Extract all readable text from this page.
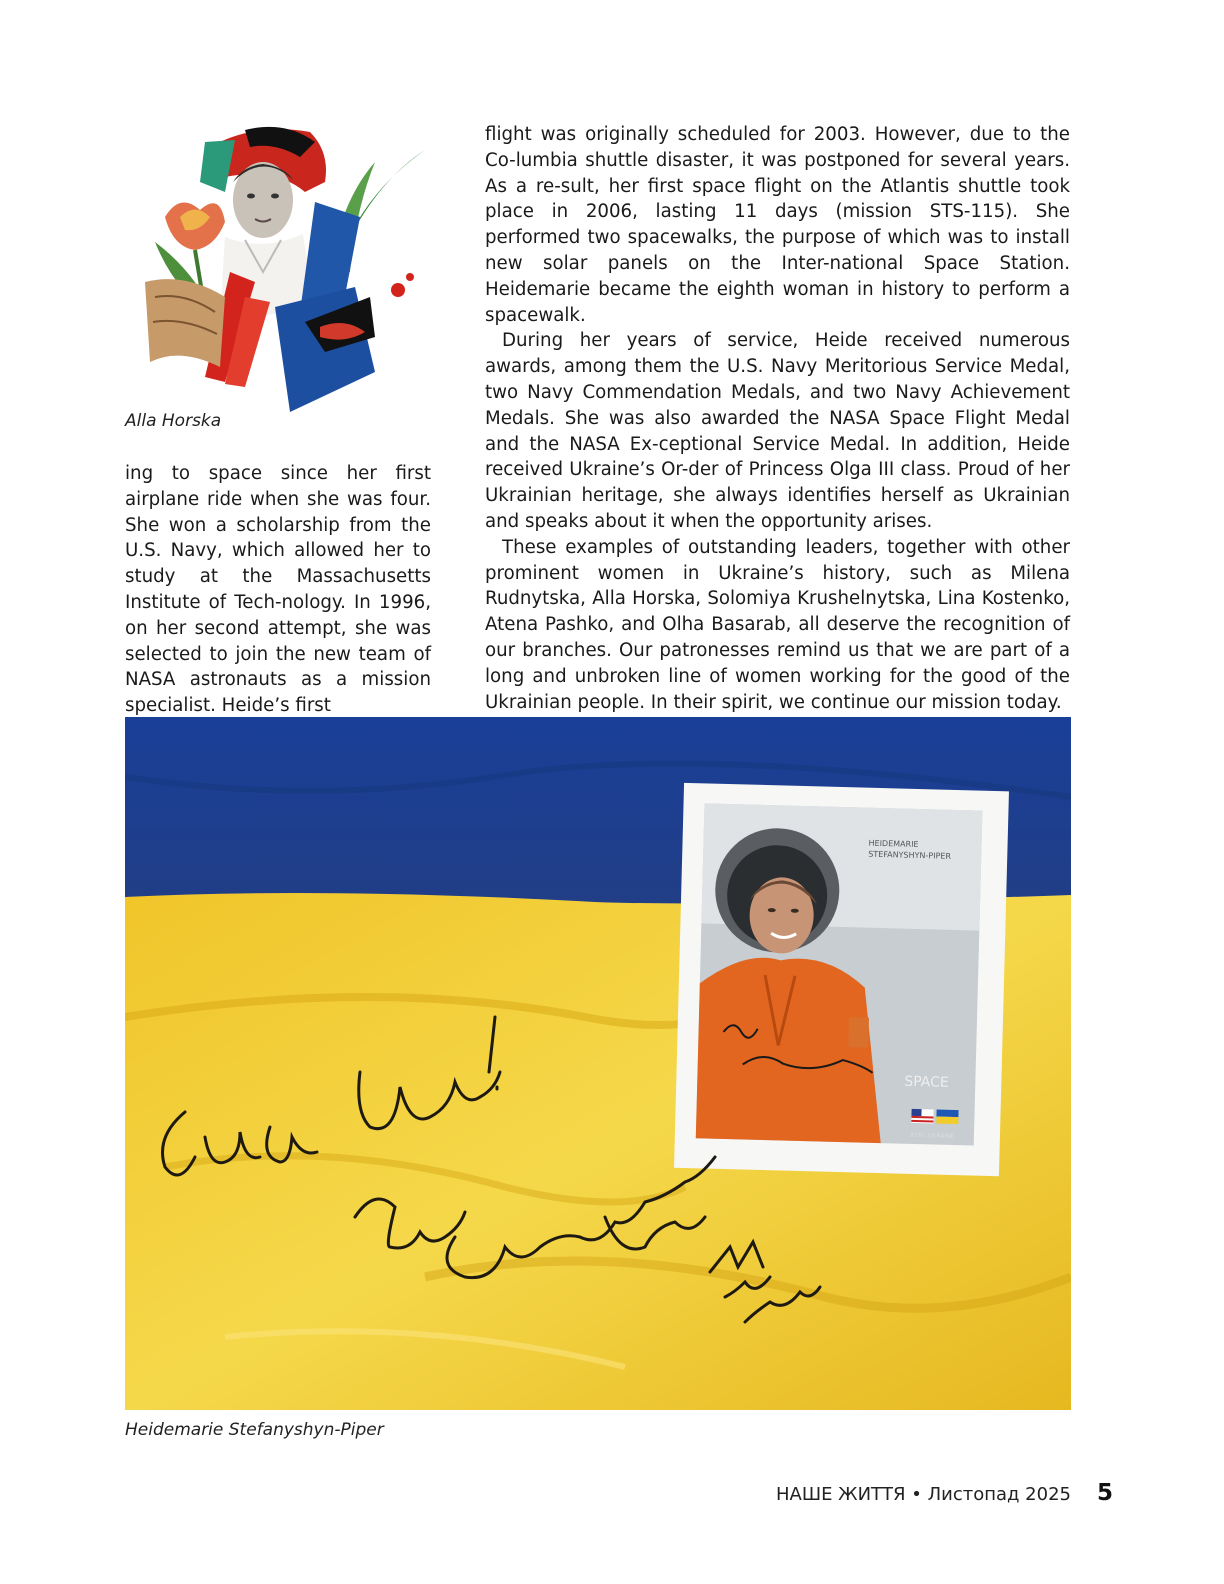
Alla Horska

ing to space since her first airplane ride when she was four. She won a scholarship from the U.S. Navy, which allowed her to study at the Massachusetts Institute of Tech-nology. In 1996, on her second attempt, she was selected to join the new team of NASA astronauts as a mission specialist. Heide’s first

flight was originally scheduled for 2003. However, due to the Co-lumbia shuttle disaster, it was postponed for several years. As a re-sult, her first space flight on the Atlantis shuttle took place in 2006, lasting 11 days (mission STS-115). She performed two spacewalks, the purpose of which was to install new solar panels on the Inter-national Space Station. Heidemarie became the eighth woman in history to perform a spacewalk.

During her years of service, Heide received numerous awards, among them the U.S. Navy Meritorious Service Medal, two Navy Commendation Medals, and two Navy Achievement Medals. She was also awarded the NASA Space Flight Medal and the NASA Ex-ceptional Service Medal. In addition, Heide received Ukraine’s Or-der of Princess Olga III class. Proud of her Ukrainian heritage, she always identifies herself as Ukrainian and speaks about it when the opportunity arises.

These examples of outstanding leaders, together with other prominent women in Ukraine’s history, such as Milena Rudnytska, Alla Horska, Solomiya Krushelnytska, Lina Kostenko, Atena Pashko, and Olha Basarab, all deserve the recognition of our branches. Our patronesses remind us that we are part of a long and unbroken line of women working for the good of the Ukrainian people. In their spirit, we continue our mission today.

HEIDEMARIE
STEFANYSHYN-PIPER
SPACE
KYIV, UKRAINE
Heidemarie Stefanyshyn-Piper
НАШЕ ЖИТТЯ • Листопад 2025 5
